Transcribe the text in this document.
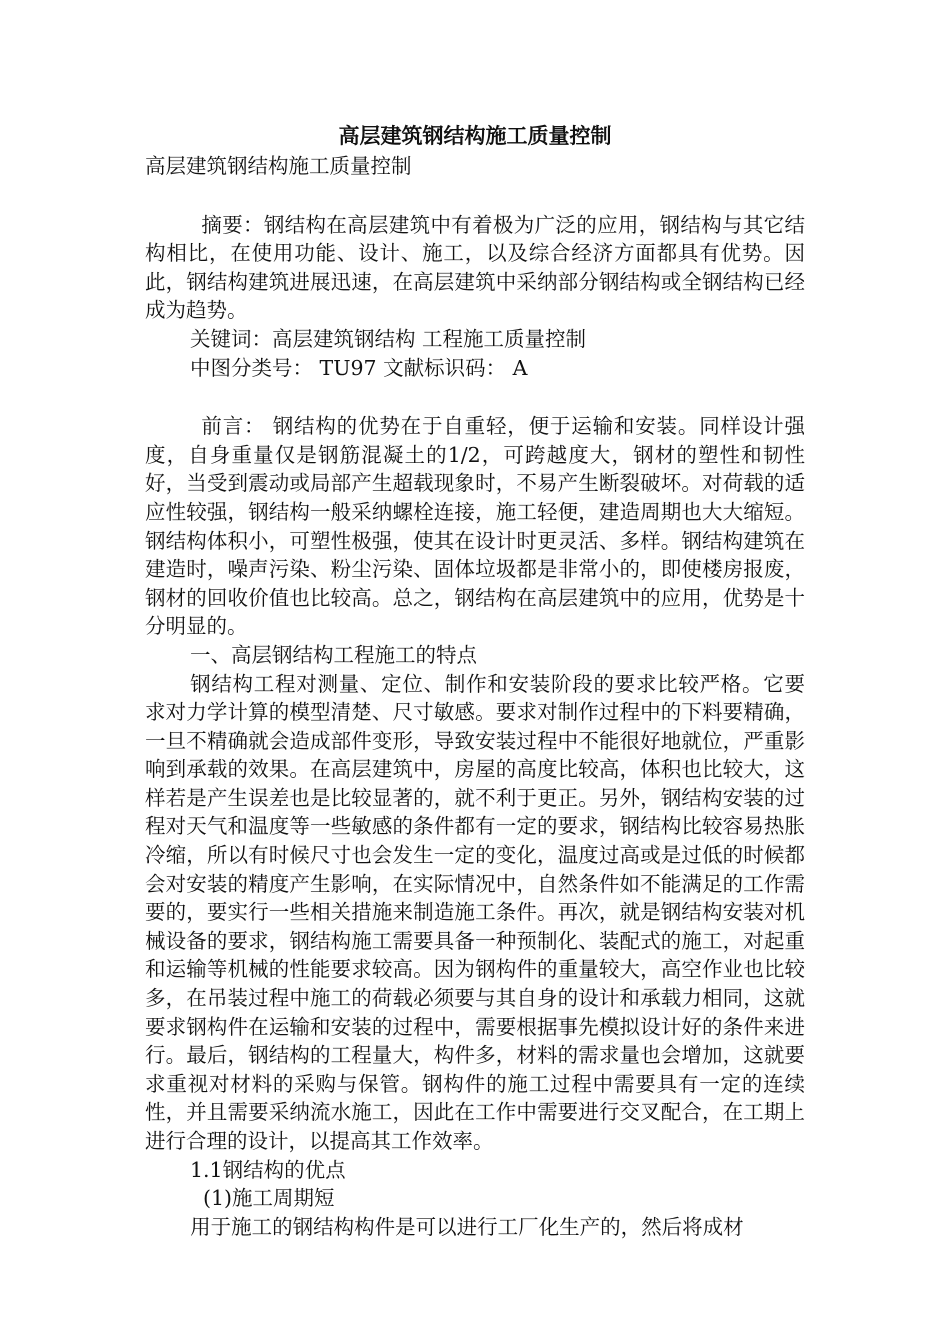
高层建筑钢结构施工质量控制

高层建筑钢结构施工质量控制

摘要：钢结构在高层建筑中有着极为广泛的应用，钢结构与其它结构相比，在使用功能、设计、施工，以及综合经济方面都具有优势。因此，钢结构建筑进展迅速，在高层建筑中采纳部分钢结构或全钢结构已经成为趋势。

关键词：高层建筑钢结构 工程施工质量控制

中图分类号： TU97 文献标识码： A

前言： 钢结构的优势在于自重轻，便于运输和安装。同样设计强度，自身重量仅是钢筋混凝土的1/2，可跨越度大，钢材的塑性和韧性好，当受到震动或局部产生超载现象时，不易产生断裂破坏。对荷载的适应性较强，钢结构一般采纳螺栓连接，施工轻便，建造周期也大大缩短。钢结构体积小，可塑性极强，使其在设计时更灵活、多样。钢结构建筑在建造时，噪声污染、粉尘污染、固体垃圾都是非常小的，即使楼房报废，钢材的回收价值也比较高。总之，钢结构在高层建筑中的应用，优势是十分明显的。

一、高层钢结构工程施工的特点

钢结构工程对测量、定位、制作和安装阶段的要求比较严格。它要求对力学计算的模型清楚、尺寸敏感。要求对制作过程中的下料要精确，一旦不精确就会造成部件变形，导致安装过程中不能很好地就位，严重影响到承载的效果。在高层建筑中，房屋的高度比较高，体积也比较大，这样若是产生误差也是比较显著的，就不利于更正。另外，钢结构安装的过程对天气和温度等一些敏感的条件都有一定的要求，钢结构比较容易热胀冷缩，所以有时候尺寸也会发生一定的变化，温度过高或是过低的时候都会对安装的精度产生影响，在实际情况中，自然条件如不能满足的工作需要的，要实行一些相关措施来制造施工条件。再次，就是钢结构安装对机械设备的要求，钢结构施工需要具备一种预制化、装配式的施工，对起重和运输等机械的性能要求较高。因为钢构件的重量较大，高空作业也比较多，在吊装过程中施工的荷载必须要与其自身的设计和承载力相同，这就要求钢构件在运输和安装的过程中，需要根据事先模拟设计好的条件来进行。最后，钢结构的工程量大，构件多，材料的需求量也会增加，这就要求重视对材料的采购与保管。钢构件的施工过程中需要具有一定的连续性，并且需要采纳流水施工，因此在工作中需要进行交叉配合，在工期上进行合理的设计，以提高其工作效率。

1.1钢结构的优点

(1)施工周期短

用于施工的钢结构构件是可以进行工厂化生产的，然后将成材
